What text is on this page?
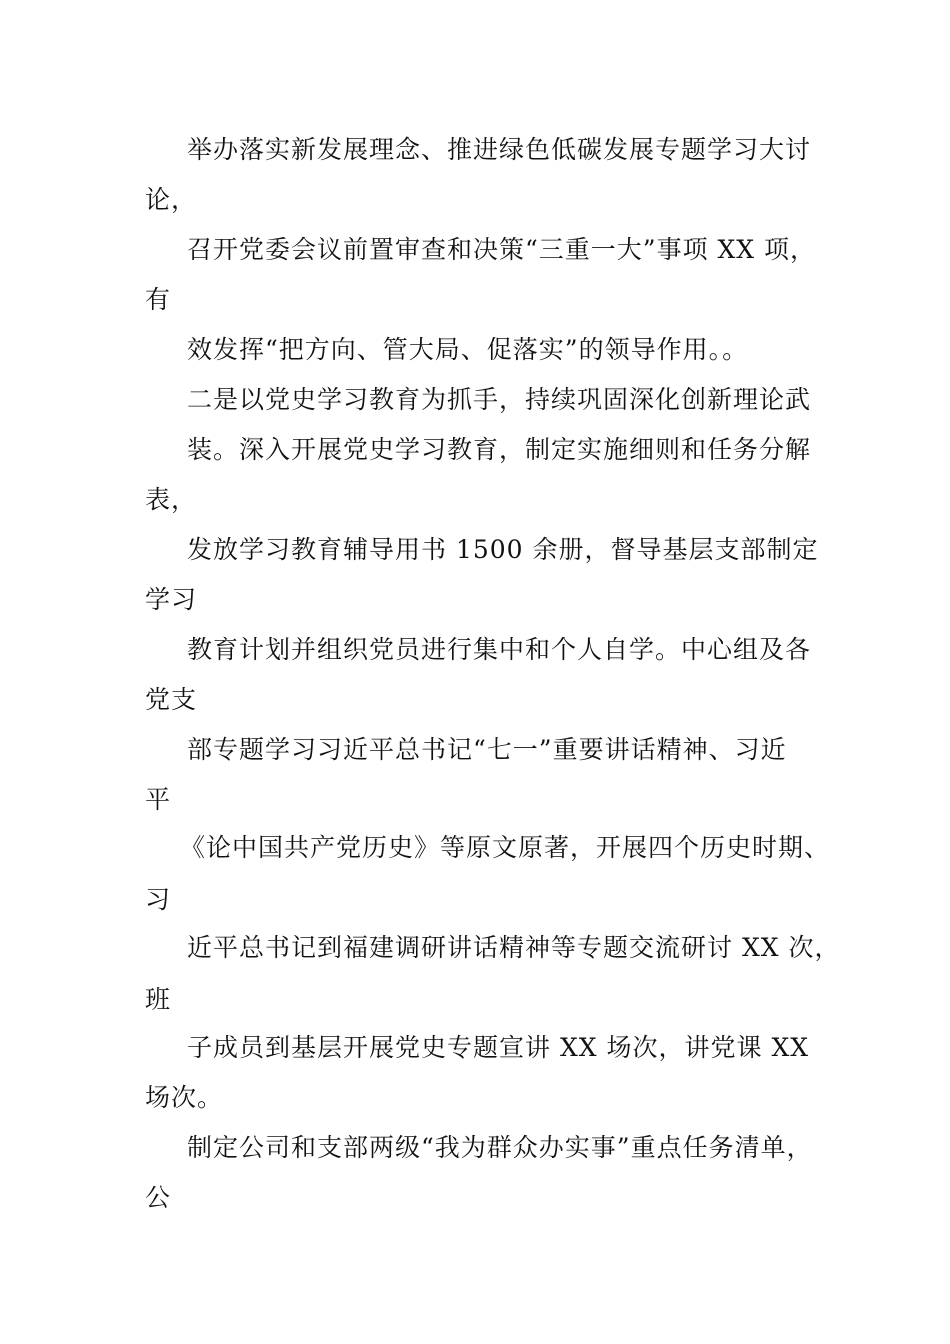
举办落实新发展理念、推进绿色低碳发展专题学习大讨
论，
召开党委会议前置审查和决策“三重一大”事项 XX 项，
有
效发挥“把方向、管大局、促落实”的领导作用。。
二是以党史学习教育为抓手，持续巩固深化创新理论武
装。深入开展党史学习教育，制定实施细则和任务分解
表，
发放学习教育辅导用书 1500 余册，督导基层支部制定
学习
教育计划并组织党员进行集中和个人自学。中心组及各
党支
部专题学习习近平总书记“七一”重要讲话精神、习近
平
《论中国共产党历史》等原文原著，开展四个历史时期、
习
近平总书记到福建调研讲话精神等专题交流研讨 XX 次，
班
子成员到基层开展党史专题宣讲 XX 场次，讲党课 XX
场次。
制定公司和支部两级“我为群众办实事”重点任务清单，
公
